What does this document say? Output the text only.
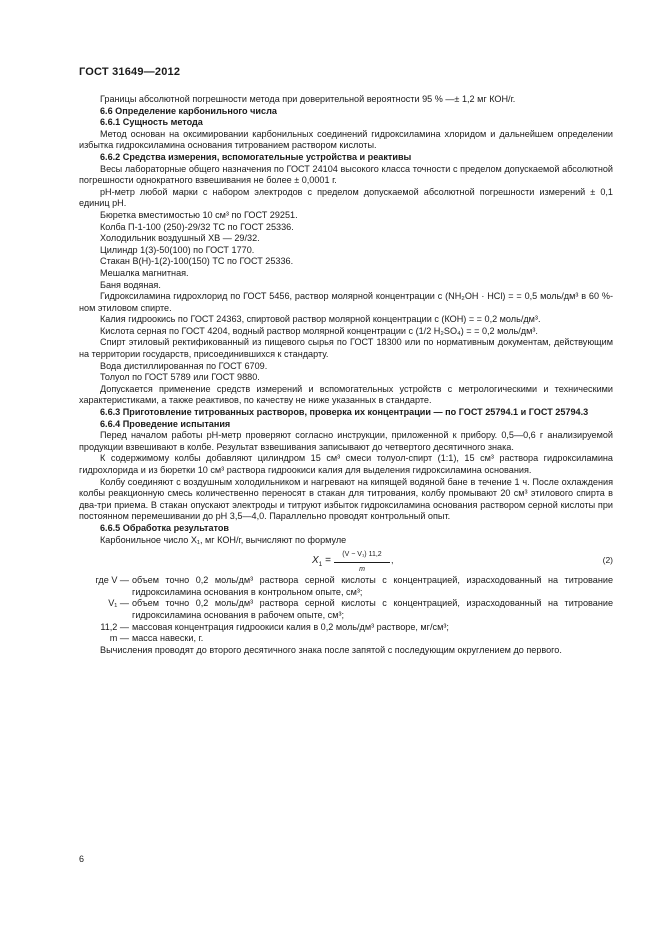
ГОСТ 31649—2012

Границы абсолютной погрешности метода при доверительной вероятности 95 % —± 1,2 мг КОН/г.

6.6 Определение карбонильного числа

6.6.1 Сущность метода

Метод основан на оксимировании карбонильных соединений гидроксиламина хлоридом и дальнейшем определении избытка гидроксиламина основания титрованием раствором кислоты.

6.6.2 Средства измерения, вспомогательные устройства и реактивы

Весы лабораторные общего назначения по ГОСТ 24104 высокого класса точности с пределом допускаемой абсолютной погрешности однократного взвешивания не более ± 0,0001 г.

рН-метр любой марки с набором электродов с пределом допускаемой абсолютной погрешности измерений ± 0,1 единиц рН.

Бюретка вместимостью 10 см³ по ГОСТ 29251.

Колба П-1-100 (250)-29/32 ТС по ГОСТ 25336.

Холодильник воздушный ХВ — 29/32.

Цилиндр 1(3)-50(100) по ГОСТ 1770.

Стакан В(Н)-1(2)-100(150) ТС по ГОСТ 25336.

Мешалка магнитная.

Баня водяная.

Гидроксиламина гидрохлорид по ГОСТ 5456, раствор молярной концентрации c (NH₂OH · HCl) = = 0,5 моль/дм³ в 60 %-ном этиловом спирте.

Калия гидроокись по ГОСТ 24363, спиртовой раствор молярной концентрации c (КОН) = = 0,2 моль/дм³.

Кислота серная по ГОСТ 4204, водный раствор молярной концентрации c (1/2 H₂SO₄) = = 0,2 моль/дм³.

Спирт этиловый ректификованный из пищевого сырья по ГОСТ 18300 или по нормативным документам, действующим на территории государств, присоединившихся к стандарту.

Вода дистиллированная по ГОСТ 6709.

Толуол по ГОСТ 5789 или ГОСТ 9880.

Допускается применение средств измерений и вспомогательных устройств с метрологическими и техническими характеристиками, а также реактивов, по качеству не ниже указанных в стандарте.

6.6.3 Приготовление титрованных растворов, проверка их концентрации — по ГОСТ 25794.1 и ГОСТ 25794.3

6.6.4 Проведение испытания

Перед началом работы рН-метр проверяют согласно инструкции, приложенной к прибору. 0,5—0,6 г анализируемой продукции взвешивают в колбе. Результат взвешивания записывают до четвертого десятичного знака.

К содержимому колбы добавляют цилиндром 15 см³ смеси толуол-спирт (1:1), 15 см³ раствора гидроксиламина гидрохлорида и из бюретки 10 см³ раствора гидроокиси калия для выделения гидроксиламина основания.

Колбу соединяют с воздушным холодильником и нагревают на кипящей водяной бане в течение 1 ч. После охлаждения колбы реакционную смесь количественно переносят в стакан для титрования, колбу промывают 20 см³ этилового спирта в два-три приема. В стакан опускают электроды и титруют избыток гидроксиламина основания раствором серной кислоты при постоянном перемешивании до рН 3,5—4,0. Параллельно проводят контрольный опыт.

6.6.5 Обработка результатов

Карбонильное число X₁, мг КОН/г, вычисляют по формуле

$X_1 = \frac{\text{(V − V₁) 11,2}}{m}$ ,	(2)
где V — объем точно 0,2 моль/дм³ раствора серной кислоты с концентрацией, израсходованный на титрование гидроксиламина основания в контрольном опыте, см³;
V₁ — объем точно 0,2 моль/дм³ раствора серной кислоты с концентрацией, израсходованный на титрование гидроксиламина основания в рабочем опыте, см³;
11,2 — массовая концентрация гидроокиси калия в 0,2 моль/дм³ растворе, мг/см³;
m — масса навески, г.

Вычисления проводят до второго десятичного знака после запятой с последующим округлением до первого.

6
